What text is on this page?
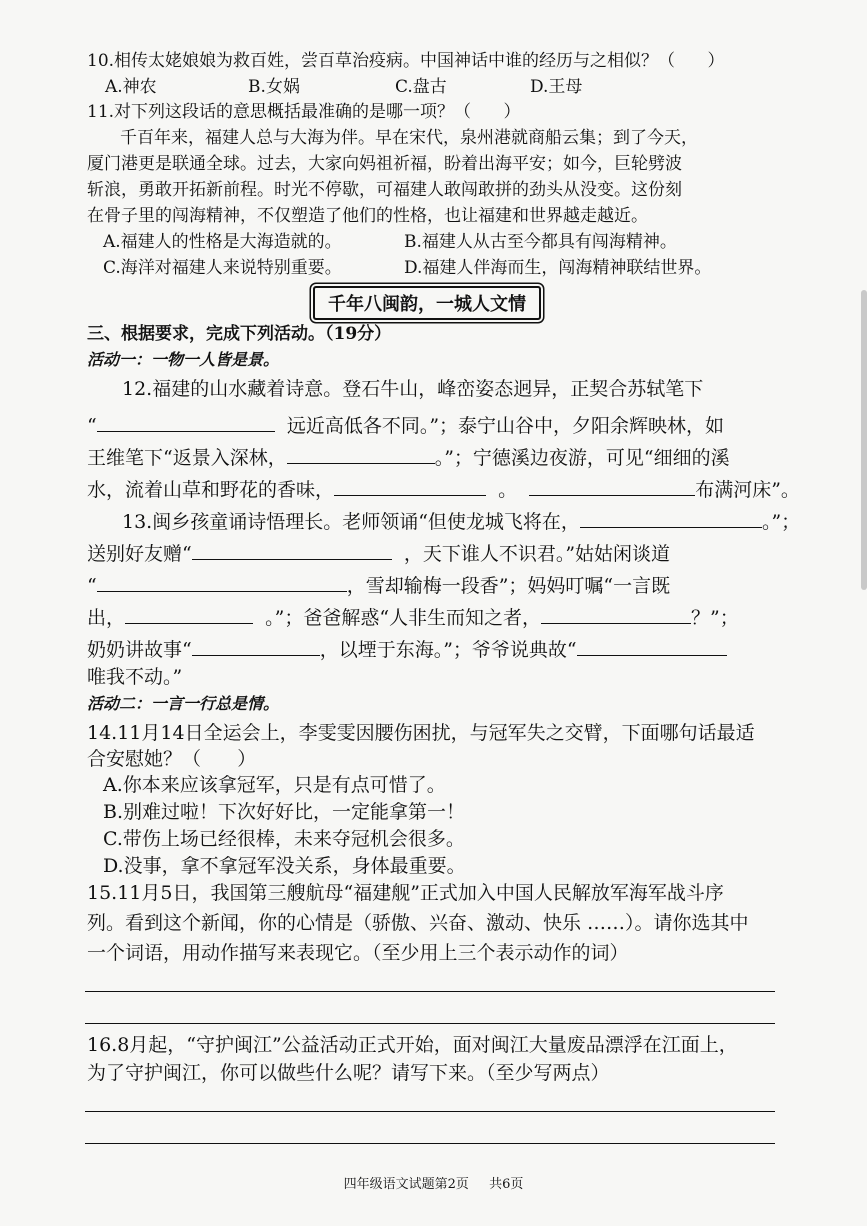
10.相传太姥娘娘为救百姓，尝百草治疫病。中国神话中谁的经历与之相似？（      ）
A.神农	B.女娲	C.盘古	D.王母
11.对下列这段话的意思概括最准确的是哪一项？（      ）
千百年来，福建人总与大海为伴。早在宋代，泉州港就商船云集；到了今天，
厦门港更是联通全球。过去，大家向妈祖祈福，盼着出海平安；如今，巨轮劈波
斩浪，勇敢开拓新前程。时光不停歇，可福建人敢闯敢拼的劲头从没变。这份刻
在骨子里的闯海精神，不仅塑造了他们的性格，也让福建和世界越走越近。
A.福建人的性格是大海造就的。	B.福建人从古至今都具有闯海精神。
C.海洋对福建人来说特别重要。	D.福建人伴海而生，闯海精神联结世界。
千年八闽韵，一城人文情
三、根据要求，完成下列活动。（19分）
活动一：一物一人皆是景。
12.福建的山水藏着诗意。登石牛山，峰峦姿态迥异，正契合苏轼笔下
“	远近高低各不同。”；泰宁山谷中，夕阳余辉映林，如
王维笔下“返景入深林，	。”；宁德溪边夜游，可见“细细的溪
水，流着山草和野花的香味，	。	布满河床”。
13.闽乡孩童诵诗悟理长。老师领诵“但使龙城飞将在，	。”；
送别好友赠“	，天下谁人不识君。”姑姑闲谈道
“	，雪却输梅一段香”；妈妈叮嘱“一言既
出，	。”；爸爸解惑“人非生而知之者，	？”；
奶奶讲故事“	，以堙于东海。”；爷爷说典故“
唯我不动。”
活动二：一言一行总是情。
14.11月14日全运会上，李雯雯因腰伤困扰，与冠军失之交臂，下面哪句话最适
合安慰她？（      ）
A.你本来应该拿冠军，只是有点可惜了。
B.别难过啦！下次好好比，一定能拿第一！
C.带伤上场已经很棒，未来夺冠机会很多。
D.没事，拿不拿冠军没关系，身体最重要。
15.11月5日，我国第三艘航母“福建舰”正式加入中国人民解放军海军战斗序
列。看到这个新闻，你的心情是（骄傲、兴奋、激动、快乐 ……）。请你选其中
一个词语，用动作描写来表现它。（至少用上三个表示动作的词）
16.8月起，“守护闽江”公益活动正式开始，面对闽江大量废品漂浮在江面上，
为了守护闽江，你可以做些什么呢？请写下来。（至少写两点）
四年级语文试题第2页 共6页
